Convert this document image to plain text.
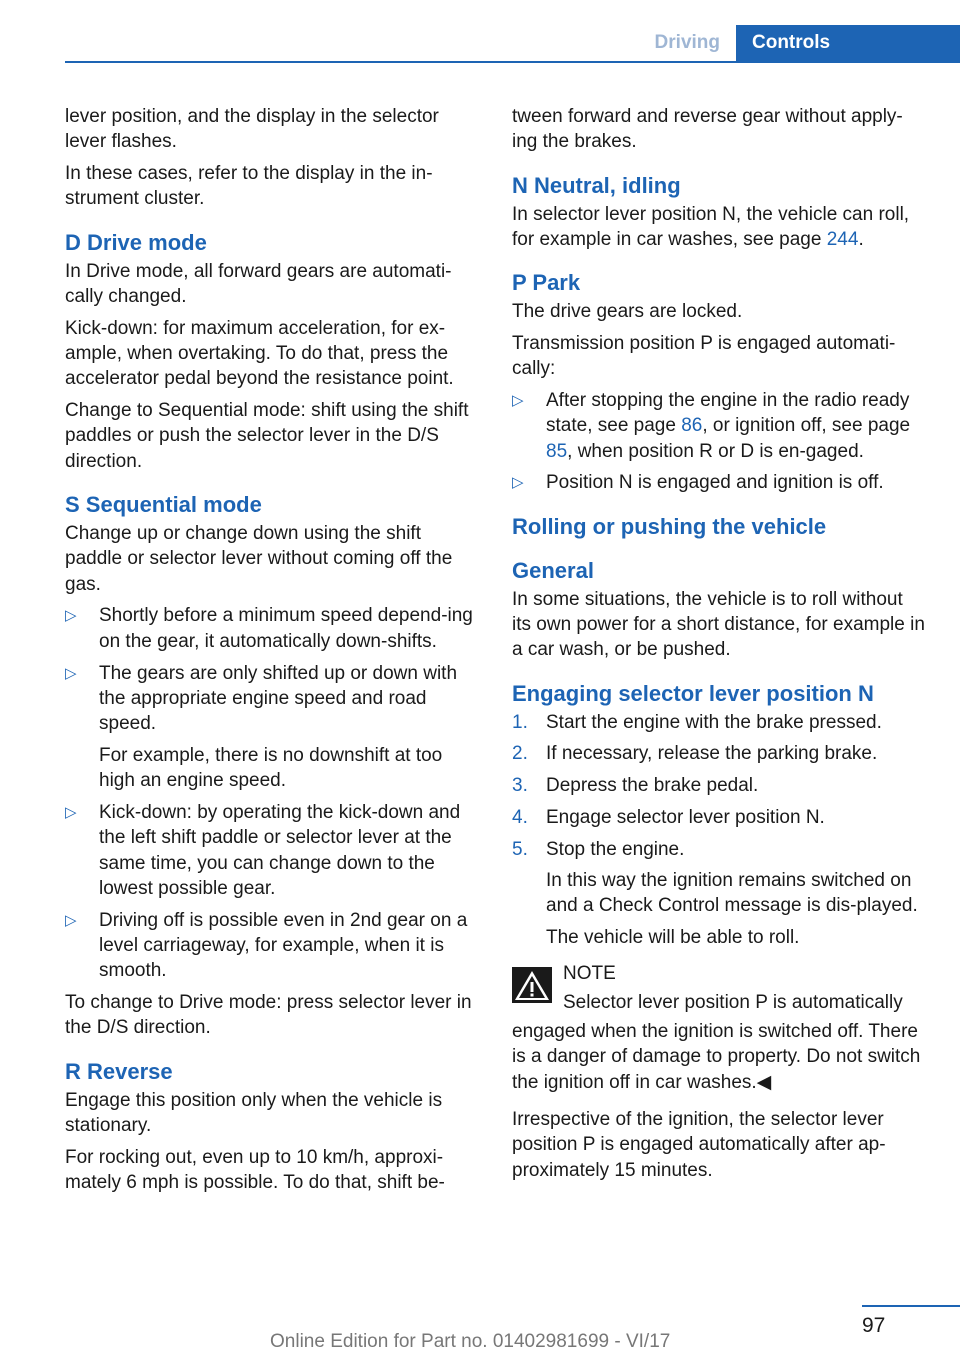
Driving	Controls

lever position, and the display in the selector lever flashes.

In these cases, refer to the display in the in-strument cluster.

D Drive mode

In Drive mode, all forward gears are automati-cally changed.

Kick-down: for maximum acceleration, for ex-ample, when overtaking. To do that, press the accelerator pedal beyond the resistance point.

Change to Sequential mode: shift using the shift paddles or push the selector lever in the D/S direction.

S Sequential mode

Change up or change down using the shift paddle or selector lever without coming off the gas.

▷ Shortly before a minimum speed depend-ing on the gear, it automatically down-shifts.

▷ The gears are only shifted up or down with the appropriate engine speed and road speed.

For example, there is no downshift at too high an engine speed.

▷ Kick-down: by operating the kick-down and the left shift paddle or selector lever at the same time, you can change down to the lowest possible gear.

▷ Driving off is possible even in 2nd gear on a level carriageway, for example, when it is smooth.

To change to Drive mode: press selector lever in the D/S direction.

R Reverse

Engage this position only when the vehicle is stationary.

For rocking out, even up to 10 km/h, approxi-mately 6 mph is possible. To do that, shift be-

tween forward and reverse gear without apply-ing the brakes.

N Neutral, idling

In selector lever position N, the vehicle can roll, for example in car washes, see page 244.

P Park

The drive gears are locked.

Transmission position P is engaged automati-cally:

▷ After stopping the engine in the radio ready state, see page 86, or ignition off, see page 85, when position R or D is en-gaged.

▷ Position N is engaged and ignition is off.

Rolling or pushing the vehicle
General

In some situations, the vehicle is to roll without its own power for a short distance, for example in a car wash, or be pushed.

Engaging selector lever position N
1. Start the engine with the brake pressed.
2. If necessary, release the parking brake.
3. Depress the brake pedal.
4. Engage selector lever position N.
5. Stop the engine.

In this way the ignition remains switched on and a Check Control message is dis-played.

The vehicle will be able to roll.

NOTE

Selector lever position P is automatically

engaged when the ignition is switched off. There is a danger of damage to property. Do not switch the ignition off in car washes.◀

Irrespective of the ignition, the selector lever position P is engaged automatically after ap-proximately 15 minutes.

97
Online Edition for Part no. 01402981699 - VI/17
